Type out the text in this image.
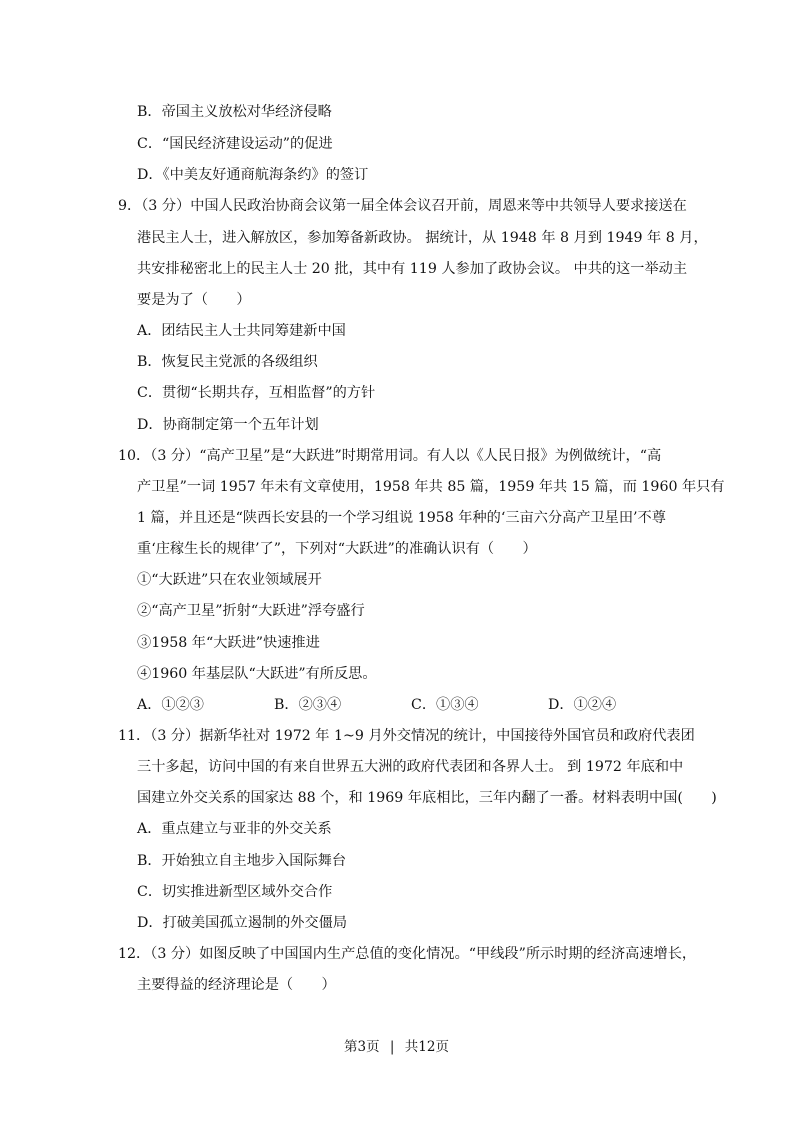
B．帝国主义放松对华经济侵略
C．“国民经济建设运动”的促进
D．《中美友好通商航海条约》的签订
9．（3 分）中国人民政治协商会议第一届全体会议召开前，周恩来等中共领导人要求接送在
港民主人士，进入解放区，参加筹备新政协。 据统计，从 1948 年 8 月到 1949 年 8 月，
共安排秘密北上的民主人士 20 批，其中有 119 人参加了政协会议。 中共的这一举动主
要是为了（　　）
A．团结民主人士共同筹建新中国
B．恢复民主党派的各级组织
C．贯彻“长期共存，互相监督”的方针
D．协商制定第一个五年计划
10．（3 分）“高产卫星”是“大跃进”时期常用词。有人以《人民日报》为例做统计，“高
产卫星”一词 1957 年未有文章使用，1958 年共 85 篇，1959 年共 15 篇，而 1960 年只有
1 篇，并且还是“陕西长安县的一个学习组说 1958 年种的‘三亩六分高产卫星田’不尊
重‘庄稼生长的规律’了”，下列对“大跃进”的准确认识有（　　）
①“大跃进”只在农业领域展开
②“高产卫星”折射“大跃进”浮夸盛行
③1958 年“大跃进”快速推进
④1960 年基层队“大跃进”有所反思。
A．①②③	B．②③④	C．①③④	D．①②④
11．（3 分）据新华社对 1972 年 1~9 月外交情况的统计，中国接待外国官员和政府代表团
三十多起，访问中国的有来自世界五大洲的政府代表团和各界人士。 到 1972 年底和中
国建立外交关系的国家达 88 个，和 1969 年底相比，三年内翻了一番。材料表明中国(　　)
A．重点建立与亚非的外交关系
B．开始独立自主地步入国际舞台
C．切实推进新型区域外交合作
D．打破美国孤立遏制的外交僵局
12．（3 分）如图反映了中国国内生产总值的变化情况。“甲线段”所示时期的经济高速增长，
主要得益的经济理论是（　　）
第3页 | 共12页
